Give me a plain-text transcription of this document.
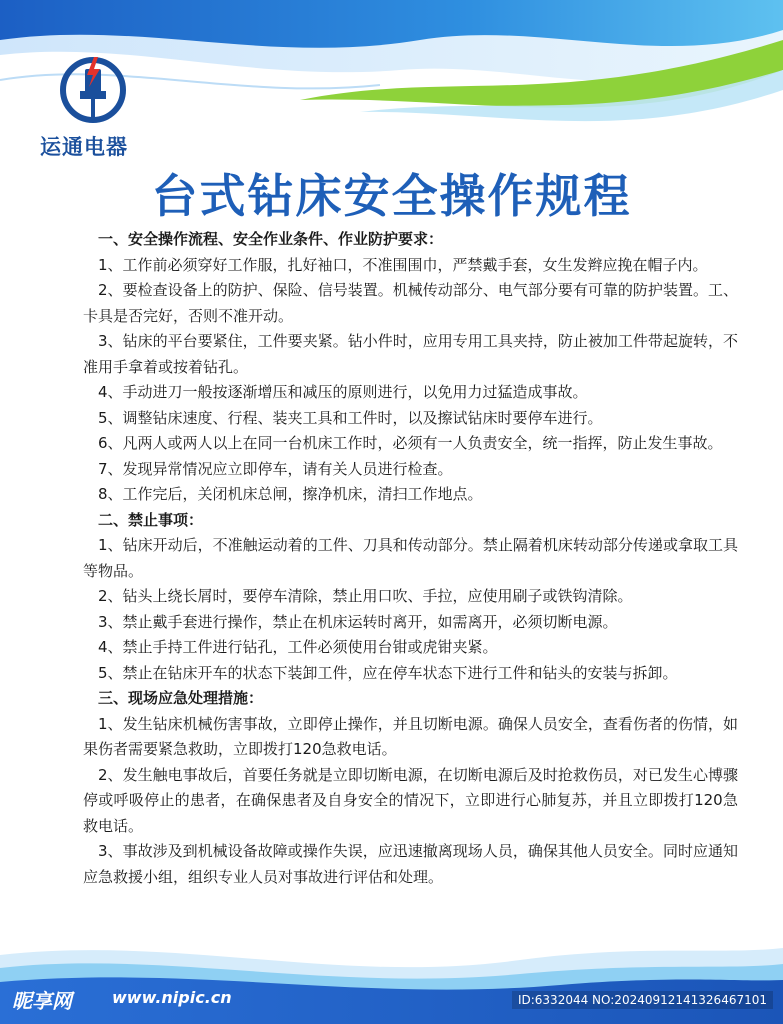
运通电器
台式钻床安全操作规程
一、安全操作流程、安全作业条件、作业防护要求：
1、工作前必须穿好工作服，扎好袖口，不准围围巾，严禁戴手套，女生发辫应挽在帽子内。
2、要检查设备上的防护、保险、信号装置。机械传动部分、电气部分要有可靠的防护装置。工、卡具是否完好，否则不准开动。
3、钻床的平台要紧住，工件要夹紧。钻小件时，应用专用工具夹持，防止被加工件带起旋转，不准用手拿着或按着钻孔。
4、手动进刀一般按逐渐增压和减压的原则进行，以免用力过猛造成事故。
5、调整钻床速度、行程、装夹工具和工件时，以及擦试钻床时要停车进行。
6、凡两人或两人以上在同一台机床工作时，必须有一人负责安全，统一指挥，防止发生事故。
7、发现异常情况应立即停车，请有关人员进行检查。
8、工作完后，关闭机床总闸，擦净机床，清扫工作地点。
二、禁止事项：
1、钻床开动后，不准触运动着的工件、刀具和传动部分。禁止隔着机床转动部分传递或拿取工具等物品。
2、钻头上绕长屑时，要停车清除，禁止用口吹、手拉，应使用刷子或铁钩清除。
3、禁止戴手套进行操作，禁止在机床运转时离开，如需离开，必须切断电源。
4、禁止手持工件进行钻孔，工件必须使用台钳或虎钳夹紧。
5、禁止在钻床开车的状态下装卸工件，应在停车状态下进行工件和钻头的安装与拆卸。
三、现场应急处理措施：
1、发生钻床机械伤害事故，立即停止操作，并且切断电源。确保人员安全，查看伤者的伤情，如果伤者需要紧急救助，立即拨打120急救电话。
2、发生触电事故后，首要任务就是立即切断电源，在切断电源后及时抢救伤员，对已发生心博骤停或呼吸停止的患者，在确保患者及自身安全的情况下，立即进行心肺复苏，并且立即拨打120急救电话。
3、事故涉及到机械设备故障或操作失误，应迅速撤离现场人员，确保其他人员安全。同时应通知应急救援小组，组织专业人员对事故进行评估和处理。
昵享网	www.nipic.cn	ID:6332044 NO:20240912141326467101
